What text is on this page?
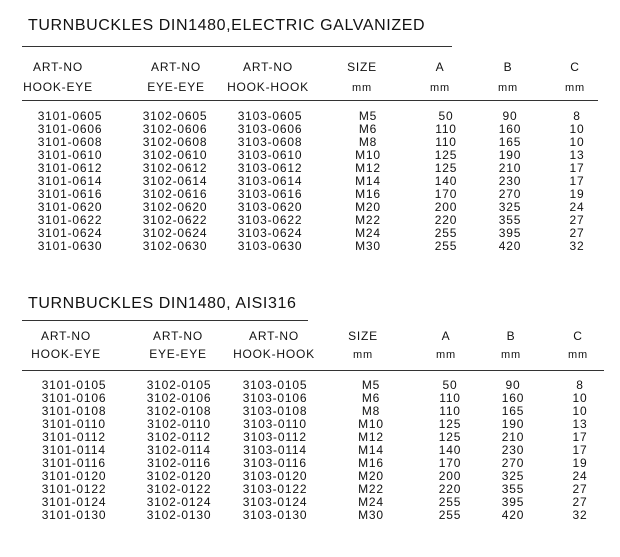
TURNBUCKLES DIN1480,ELECTRIC GALVANIZED
ART-NO	ART-NO	ART-NO	SIZE	A	B	C
HOOK-EYE	EYE-EYE HOOK-HOOK	mm	mm	mm	mm
3101-0605	3102-0605	3103-0605	M5	50	90	8
3101-0606	3102-0606	3103-0606	M6	110	160	10
3101-0608	3102-0608	3103-0608	M8	110	165	10
3101-0610	3102-0610	3103-0610	M10	125	190	13
3101-0612	3102-0612	3103-0612	M12	125	210	17
3101-0614	3102-0614	3103-0614	M14	140	230	17
3101-0616	3102-0616	3103-0616	M16	170	270	19
3101-0620	3102-0620	3103-0620	M20	200	325	24
3101-0622	3102-0622	3103-0622	M22	220	355	27
3101-0624	3102-0624	3103-0624	M24	255	395	27
3101-0630	3102-0630	3103-0630	M30	255	420	32
TURNBUCKLES DIN1480, AISI316
ART-NO	ART-NO	ART-NO	SIZE	A	B	C
HOOK-EYE	EYE-EYE HOOK-HOOK	mm	mm	mm	mm
3101-0105	3102-0105	3103-0105	M5	50	90	8
3101-0106	3102-0106	3103-0106	M6	110	160	10
3101-0108	3102-0108	3103-0108	M8	110	165	10
3101-0110	3102-0110	3103-0110	M10	125	190	13
3101-0112	3102-0112	3103-0112	M12	125	210	17
3101-0114	3102-0114	3103-0114	M14	140	230	17
3101-0116	3102-0116	3103-0116	M16	170	270	19
3101-0120	3102-0120	3103-0120	M20	200	325	24
3101-0122	3102-0122	3103-0122	M22	220	355	27
3101-0124	3102-0124	3103-0124	M24	255	395	27
3101-0130	3102-0130	3103-0130	M30	255	420	32
